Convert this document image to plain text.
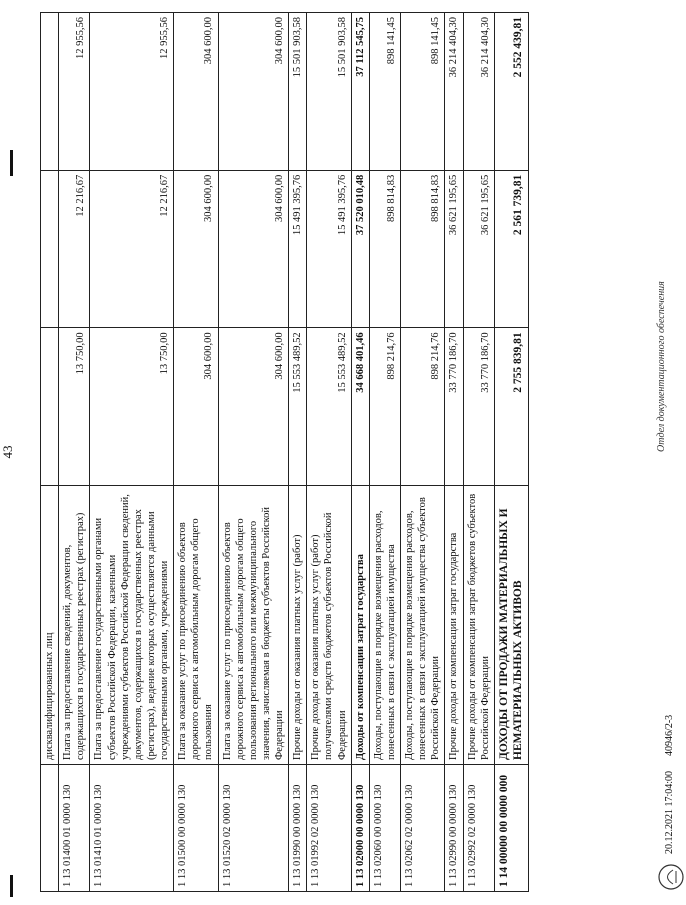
43
	дисквалифицированных лиц			
1 13 01400 01 0000 130	Плата за предоставление сведений, документов, содержащихся в государственных реестрах (регистрах)	13 750,00	12 216,67	12 955,56
1 13 01410 01 0000 130	Плата за предоставление государственными органами субъектов Российской Федерации, казенными учреждениями субъектов Российской Федерации сведений, документов, содержащихся в государственных реестрах (регистрах), ведение которых осуществляется данными государственными органами, учреждениями	13 750,00	12 216,67	12 955,56
1 13 01500 00 0000 130	Плата за оказание услуг по присоединению объектов дорожного сервиса к автомобильным дорогам общего пользования	304 600,00	304 600,00	304 600,00
1 13 01520 02 0000 130	Плата за оказание услуг по присоединению объектов дорожного сервиса к автомобильным дорогам общего пользования регионального или межмуниципального значения, зачисляемая в бюджеты субъектов Российской Федерации	304 600,00	304 600,00	304 600,00
1 13 01990 00 0000 130	Прочие доходы от оказания платных услуг (работ)	15 553 489,52	15 491 395,76	15 501 903,58
1 13 01992 02 0000 130	Прочие доходы от оказания платных услуг (работ) получателями средств бюджетов субъектов Российской Федерации	15 553 489,52	15 491 395,76	15 501 903,58
1 13 02000 00 0000 130	Доходы от компенсации затрат государства	34 668 401,46	37 520 010,48	37 112 545,75
1 13 02060 00 0000 130	Доходы, поступающие в порядке возмещения расходов, понесенных в связи с эксплуатацией имущества	898 214,76	898 814,83	898 141,45
1 13 02062 02 0000 130	Доходы, поступающие в порядке возмещения расходов, понесенных в связи с эксплуатацией имущества субъектов Российской Федерации	898 214,76	898 814,83	898 141,45
1 13 02990 00 0000 130	Прочие доходы от компенсации затрат государства	33 770 186,70	36 621 195,65	36 214 404,30
1 13 02992 02 0000 130	Прочие доходы от компенсации затрат бюджетов субъектов Российской Федерации	33 770 186,70	36 621 195,65	36 214 404,30
1 14 00000 00 0000 000	ДОХОДЫ ОТ ПРОДАЖИ МАТЕРИАЛЬНЫХ И НЕМАТЕРИАЛЬНЫХ АКТИВОВ	2 755 839,81	2 561 739,81	2 552 439,81
20.12.2021 17:04:00      40946/2-3
Отдел документационного обеспечения
